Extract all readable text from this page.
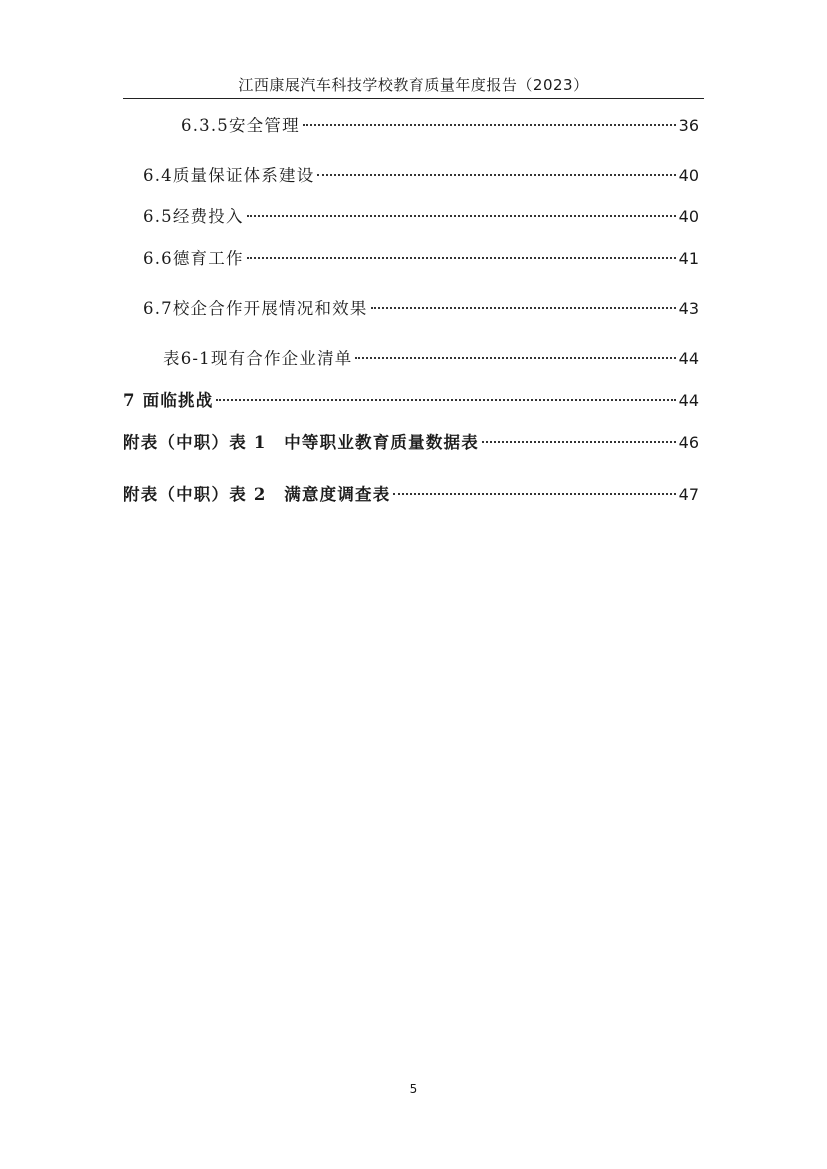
江西康展汽车科技学校教育质量年度报告（2023）
6.3.5安全管理	36
6.4质量保证体系建设	40
6.5经费投入	40
6.6德育工作	41
6.7校企合作开展情况和效果	43
表6-1现有合作企业清单	44
7 面临挑战	44
附表（中职）表 1　中等职业教育质量数据表	46
附表（中职）表 2　满意度调查表	47
5
